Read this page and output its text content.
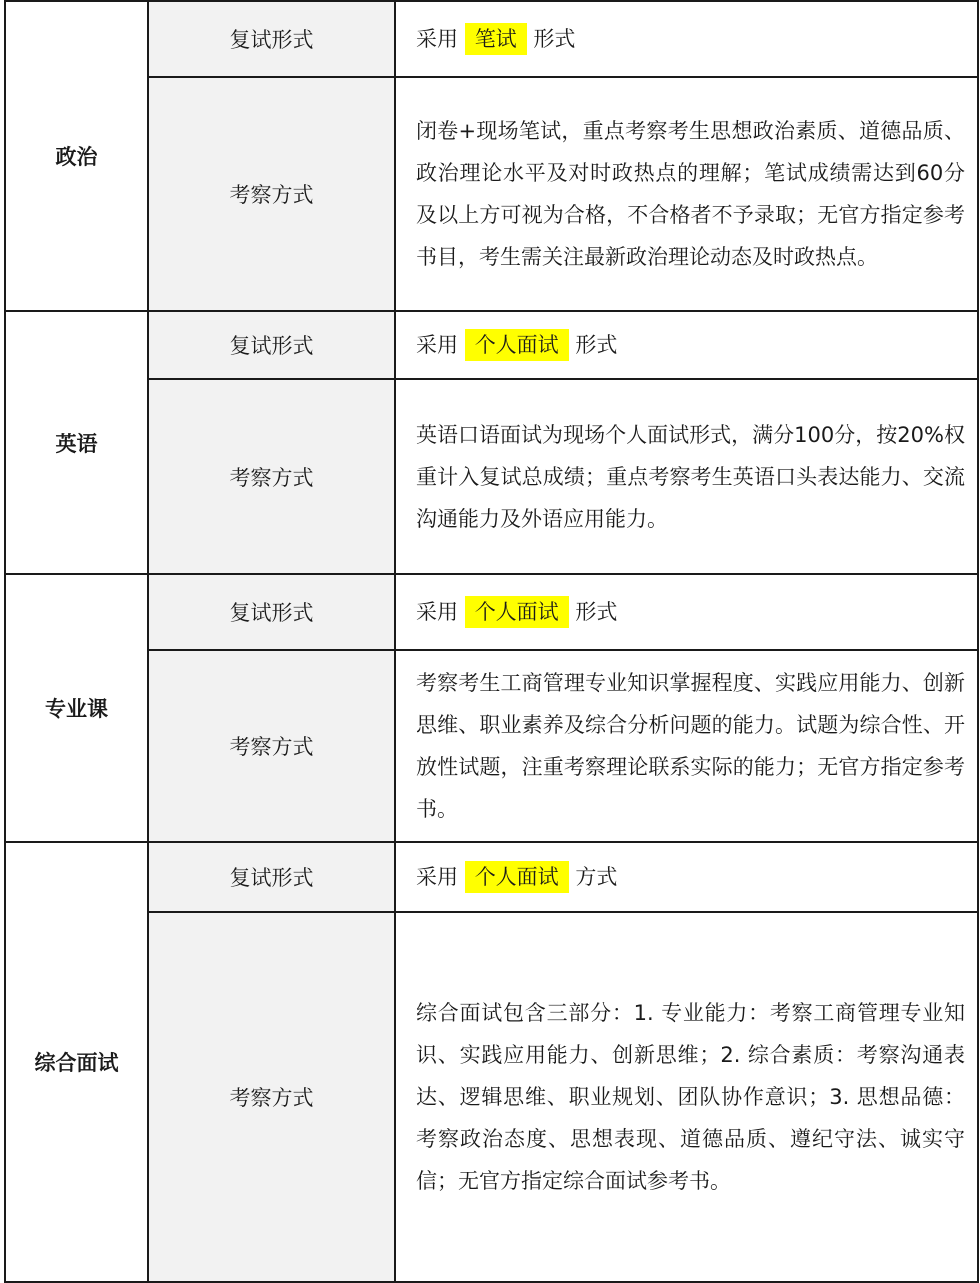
政治	复试形式	采用 笔试 形式
	考察方式	闭卷+现场笔试，重点考察考生思想政治素质、道德品质、政治理论水平及对时政热点的理解；笔试成绩需达到60分及以上方可视为合格，不合格者不予录取；无官方指定参考书目，考生需关注最新政治理论动态及时政热点。
英语	复试形式	采用 个人面试 形式
	考察方式	英语口语面试为现场个人面试形式，满分100分，按20%权重计入复试总成绩；重点考察考生英语口头表达能力、交流沟通能力及外语应用能力。
专业课	复试形式	采用 个人面试 形式
	考察方式	考察考生工商管理专业知识掌握程度、实践应用能力、创新思维、职业素养及综合分析问题的能力。试题为综合性、开放性试题，注重考察理论联系实际的能力；无官方指定参考书。
综合面试	复试形式	采用 个人面试 方式
	考察方式	综合面试包含三部分：1. 专业能力：考察工商管理专业知识、实践应用能力、创新思维；2. 综合素质：考察沟通表达、逻辑思维、职业规划、团队协作意识；3. 思想品德：考察政治态度、思想表现、道德品质、遵纪守法、诚实守信；无官方指定综合面试参考书。
